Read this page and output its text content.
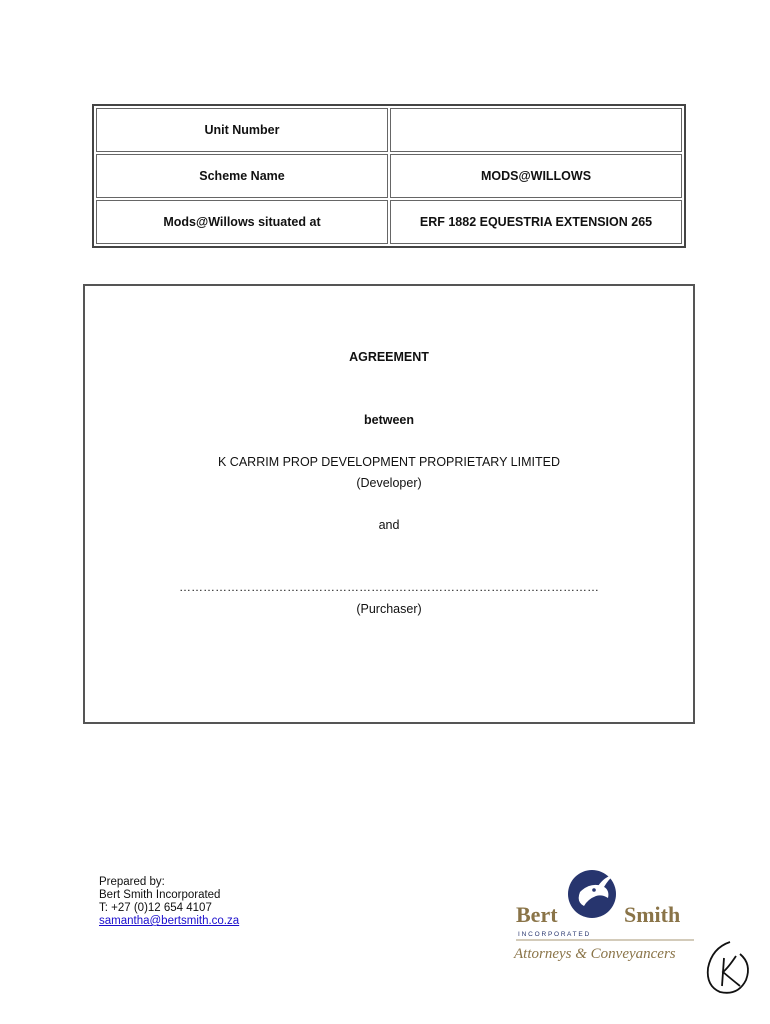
Unit Number	
Scheme Name	MODS@WILLOWS
Mods@Willows situated at	ERF 1882 EQUESTRIA EXTENSION 265
AGREEMENT
between
K CARRIM PROP DEVELOPMENT PROPRIETARY LIMITED
(Developer)
and
……………………………………………………………………………………………
(Purchaser)
Prepared by:
Bert Smith Incorporated
T: +27 (0)12 654 4107
samantha@bertsmith.co.za	Bert	Smith
I N C O R P O R A T E D
Attorneys & Conveyancers
